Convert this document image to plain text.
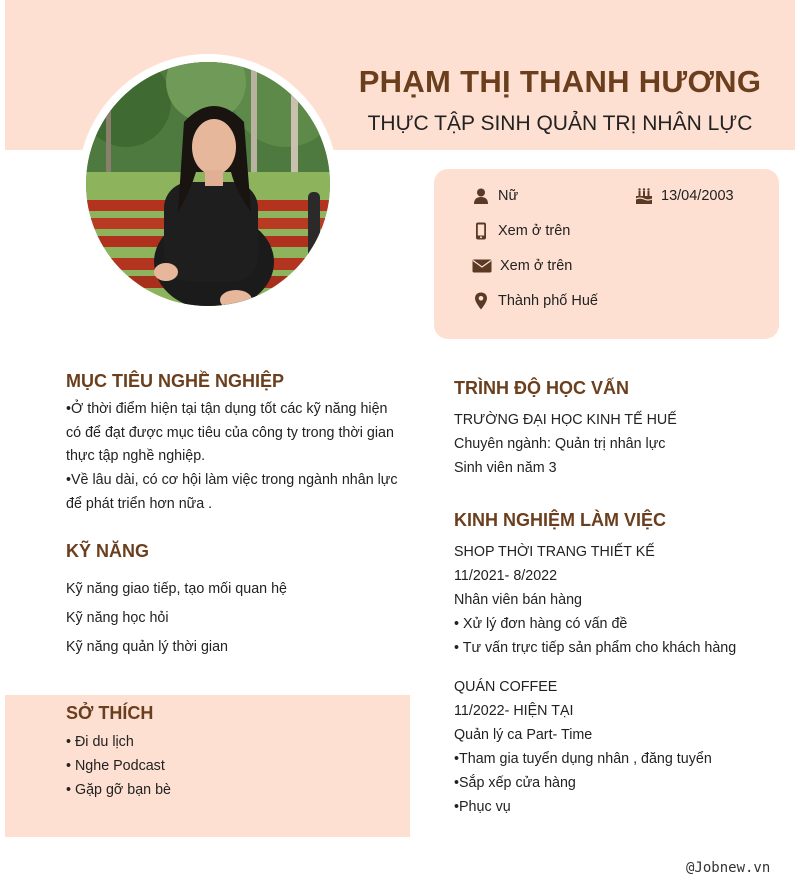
PHẠM THỊ THANH HƯƠNG
THỰC TẬP SINH QUẢN TRỊ NHÂN LỰC
Nữ	13/04/2003
Xem ở trên
Xem ở trên
Thành phố Huế
MỤC TIÊU NGHỀ NGHIỆP
•Ở thời điểm hiện tại tận dụng tốt các kỹ năng hiện có để đạt được mục tiêu của công ty trong thời gian thực tập nghề nghiệp.
•Về lâu dài, có cơ hội làm việc trong ngành nhân lực để phát triển hơn nữa .
KỸ NĂNG
Kỹ năng giao tiếp, tạo mối quan hệ
Kỹ năng học hỏi
Kỹ năng quản lý thời gian
SỞ THÍCH
• Đi du lịch
• Nghe Podcast
• Gặp gỡ bạn bè
TRÌNH ĐỘ HỌC VẤN
TRƯỜNG ĐẠI HỌC KINH TẾ HUẾ
Chuyên ngành: Quản trị nhân lực
Sinh viên năm 3
KINH NGHIỆM LÀM VIỆC
SHOP THỜI TRANG THIẾT KẾ
11/2021- 8/2022
Nhân viên bán hàng
• Xử lý đơn hàng có vấn đề
• Tư vấn trực tiếp sản phẩm cho khách hàng
QUÁN COFFEE
11/2022- HIỆN TẠI
Quản lý ca Part- Time
•Tham gia tuyển dụng nhân , đăng tuyển
•Sắp xếp cửa hàng
•Phục vụ
@Jobnew.vn
